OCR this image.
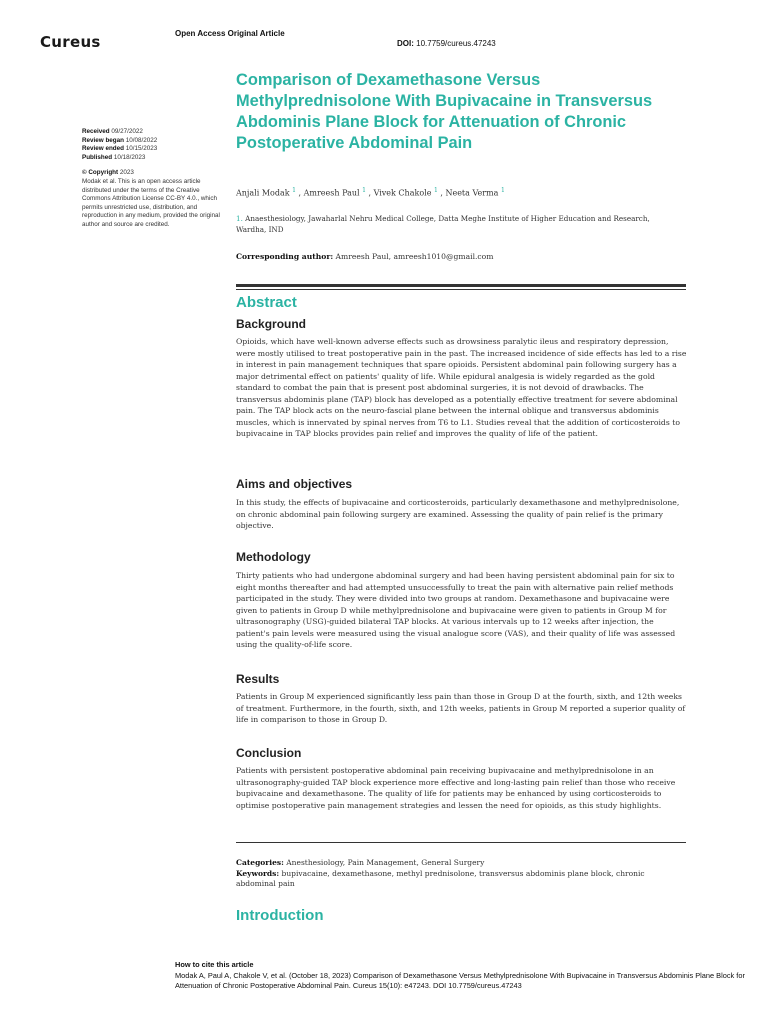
Cureus	Open Access Original Article
DOI: 10.7759/cureus.47243
Received 09/27/2022
Review began 10/08/2022
Review ended 10/15/2023
Published 10/18/2023
© Copyright 2023
Modak et al. This is an open access article distributed under the terms of the Creative Commons Attribution License CC-BY 4.0., which permits unrestricted use, distribution, and reproduction in any medium, provided the original author and source are credited.
Comparison of Dexamethasone Versus Methylprednisolone With Bupivacaine in Transversus Abdominis Plane Block for Attenuation of Chronic Postoperative Abdominal Pain
Anjali Modak $^1$ , Amreesh Paul $^1$ , Vivek Chakole $^1$ , Neeta Verma $^1$
1. Anaesthesiology, Jawaharlal Nehru Medical College, Datta Meghe Institute of Higher Education and Research, Wardha, IND
Corresponding author: Amreesh Paul, amreesh1010@gmail.com
Abstract
Background

Opioids, which have well-known adverse effects such as drowsiness paralytic ileus and respiratory depression, were mostly utilised to treat postoperative pain in the past. The increased incidence of side effects has led to a rise in interest in pain management techniques that spare opioids. Persistent abdominal pain following surgery has a major detrimental effect on patients' quality of life. While epidural analgesia is widely regarded as the gold standard to combat the pain that is present post abdominal surgeries, it is not devoid of drawbacks. The transversus abdominis plane (TAP) block has developed as a potentially effective treatment for severe abdominal pain. The TAP block acts on the neuro-fascial plane between the internal oblique and transversus abdominis muscles, which is innervated by spinal nerves from T6 to L1. Studies reveal that the addition of corticosteroids to bupivacaine in TAP blocks provides pain relief and improves the quality of life of the patient.

Aims and objectives

In this study, the effects of bupivacaine and corticosteroids, particularly dexamethasone and methylprednisolone, on chronic abdominal pain following surgery are examined. Assessing the quality of pain relief is the primary objective.

Methodology

Thirty patients who had undergone abdominal surgery and had been having persistent abdominal pain for six to eight months thereafter and had attempted unsuccessfully to treat the pain with alternative pain relief methods participated in the study. They were divided into two groups at random. Dexamethasone and bupivacaine were given to patients in Group D while methylprednisolone and bupivacaine were given to patients in Group M for ultrasonography (USG)-guided bilateral TAP blocks. At various intervals up to 12 weeks after injection, the patient's pain levels were measured using the visual analogue score (VAS), and their quality of life was assessed using the quality-of-life score.

Results

Patients in Group M experienced significantly less pain than those in Group D at the fourth, sixth, and 12th weeks of treatment. Furthermore, in the fourth, sixth, and 12th weeks, patients in Group M reported a superior quality of life in comparison to those in Group D.

Conclusion

Patients with persistent postoperative abdominal pain receiving bupivacaine and methylprednisolone in an ultrasonography-guided TAP block experience more effective and long-lasting pain relief than those who receive bupivacaine and dexamethasone. The quality of life for patients may be enhanced by using corticosteroids to optimise postoperative pain management strategies and lessen the need for opioids, as this study highlights.

Categories: Anesthesiology, Pain Management, General Surgery
Keywords: bupivacaine, dexamethasone, methyl prednisolone, transversus abdominis plane block, chronic abdominal pain
Introduction
How to cite this article
Modak A, Paul A, Chakole V, et al. (October 18, 2023) Comparison of Dexamethasone Versus Methylprednisolone With Bupivacaine in Transversus Abdominis Plane Block for Attenuation of Chronic Postoperative Abdominal Pain. Cureus 15(10): e47243. DOI 10.7759/cureus.47243
